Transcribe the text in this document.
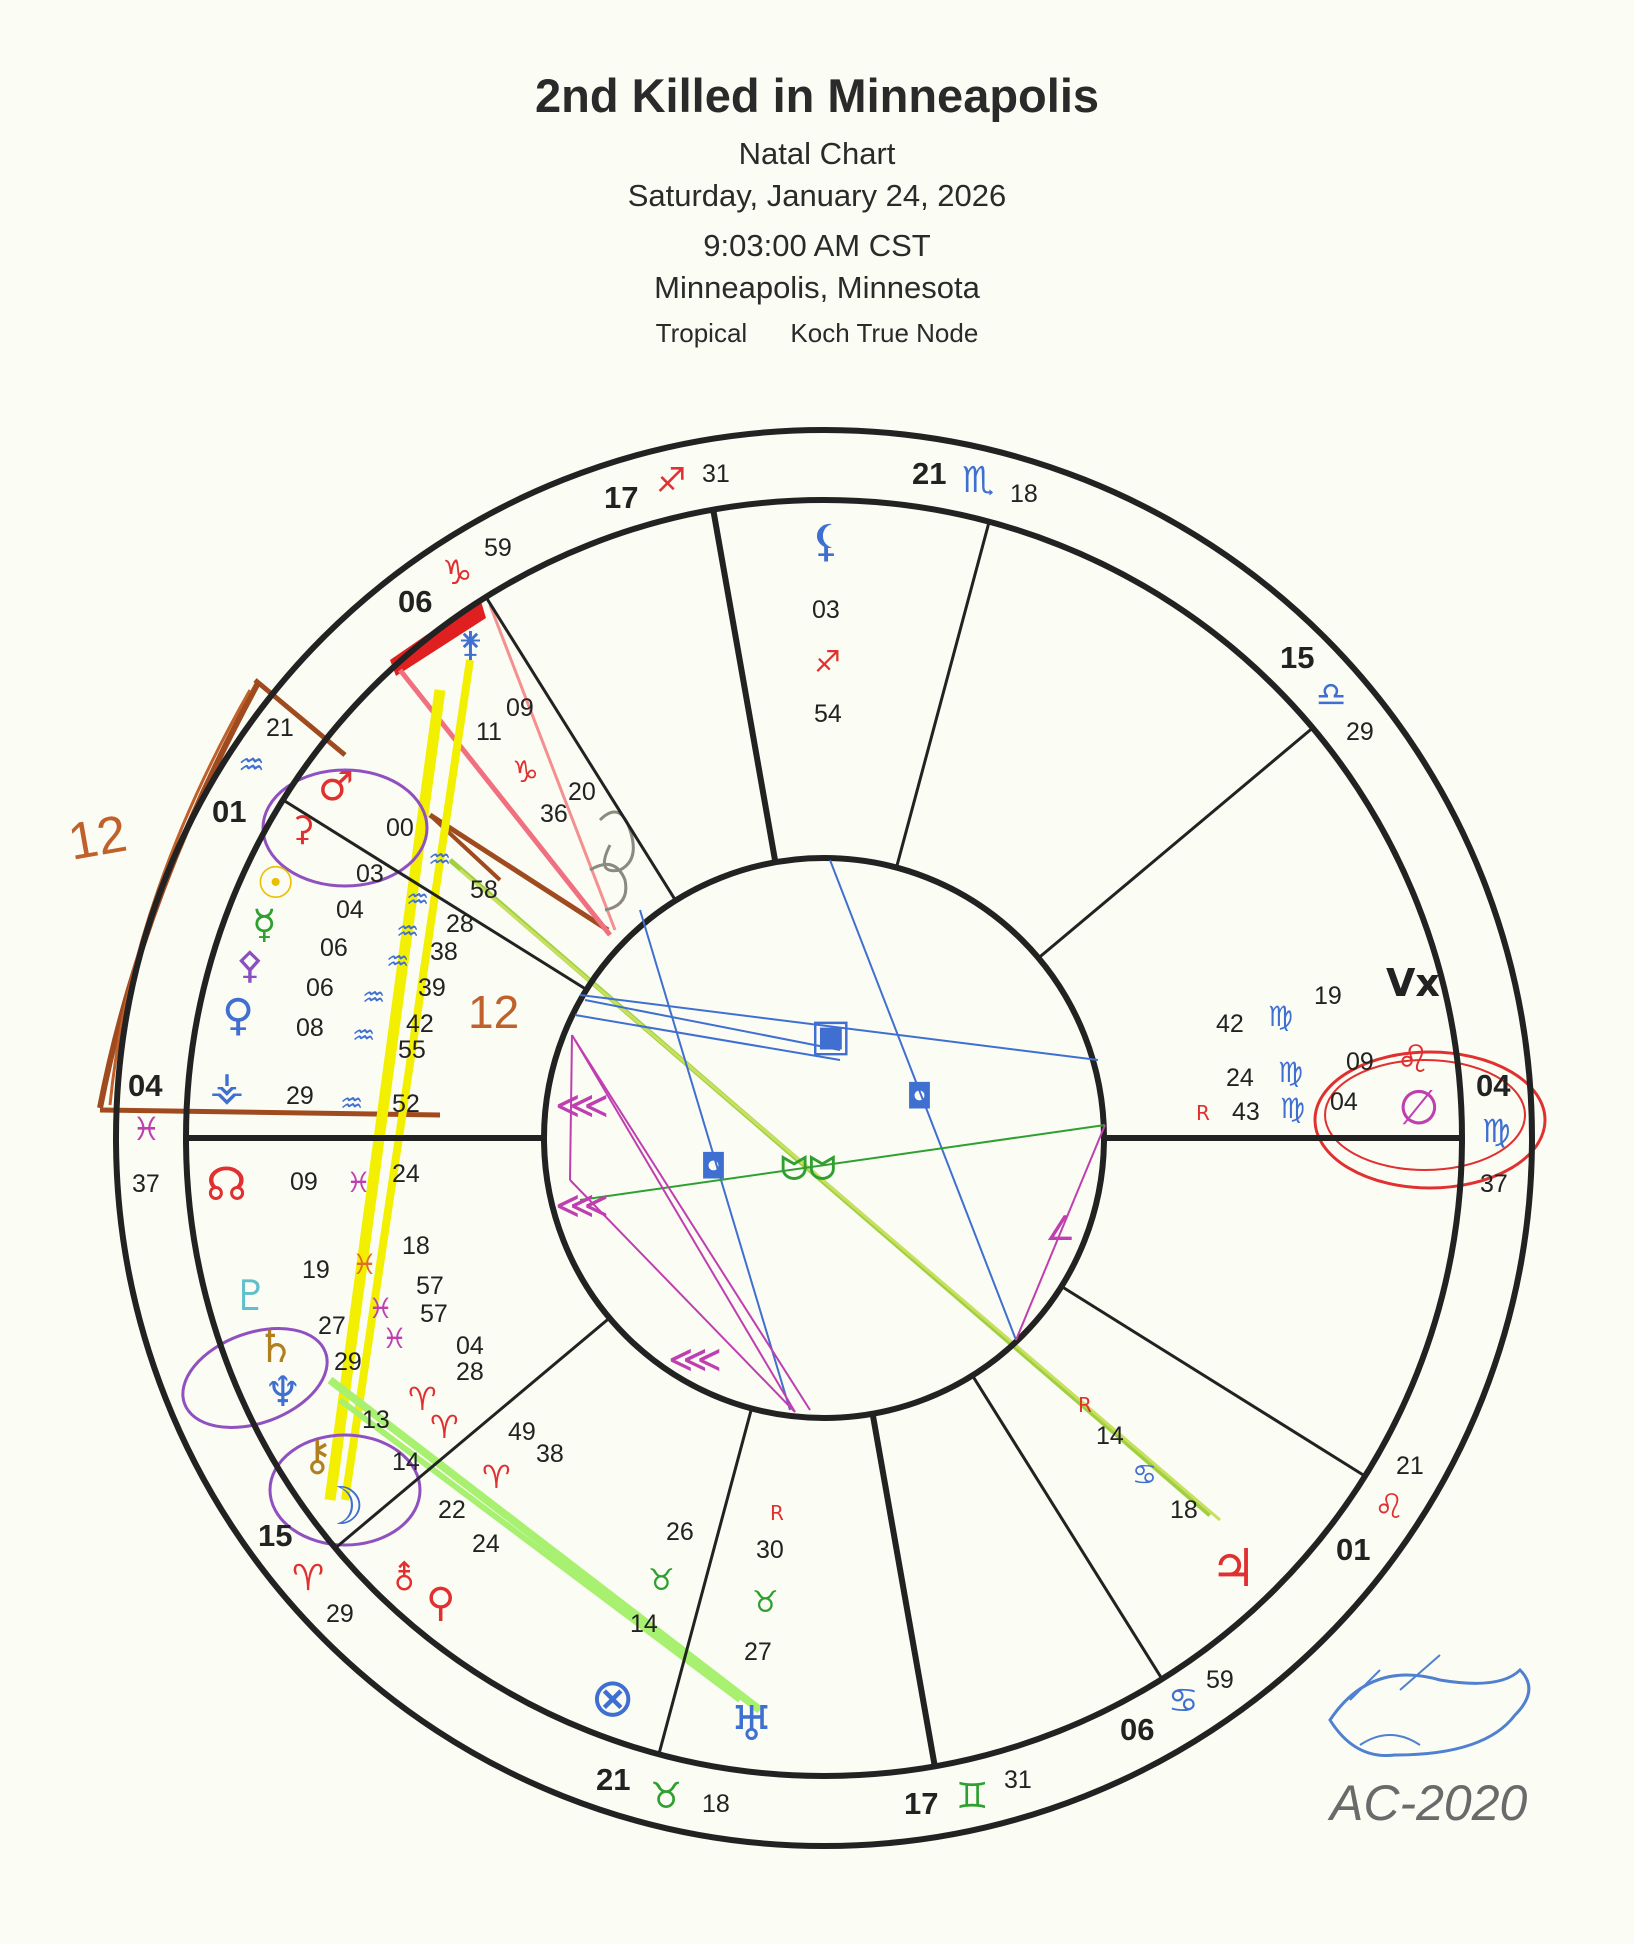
2nd Killed in Minneapolis
Natal Chart
Saturday, January 24, 2026
9:03:00 AM CST
Minneapolis, Minnesota
Tropical Koch True Node
12
12	▣
◘
◘ ᗢᗢ
⋘
⋘
⋘
∠
04
♓
37
01
♒
21
06
♑
59
17 ♐ 31	21 ♏ 18
15
♎
29
04
♍
37
21
♌
01
59
♋
06
17 ♊ 31
21 ♉ 18
15
♈
29
⚸
03
♐
54
⚵
09
11
♑
36
20
♂
⚳	00
♒
58
☉ 03
♒
28
☿ 04
♒
38
⚴ 06 ♒
39
♀
06 ♒
42
08 ♒ 55
⚶ 29 ♒ 52
☊ 09 ♓ 24
♇
19 ♓
18
27
♓
57
♄
♆
29
♓
57
13
♈
28
04
⚷
☽
14
♈
38
49
22
♈
24
⚨
⚲
26
♉
14
⊗
R
30
♉
27
♅
R
14
♋
18
♃
Vx
19
♍
42
♌
09
♍
24
∅
04
♍
43
R
AC-2020
